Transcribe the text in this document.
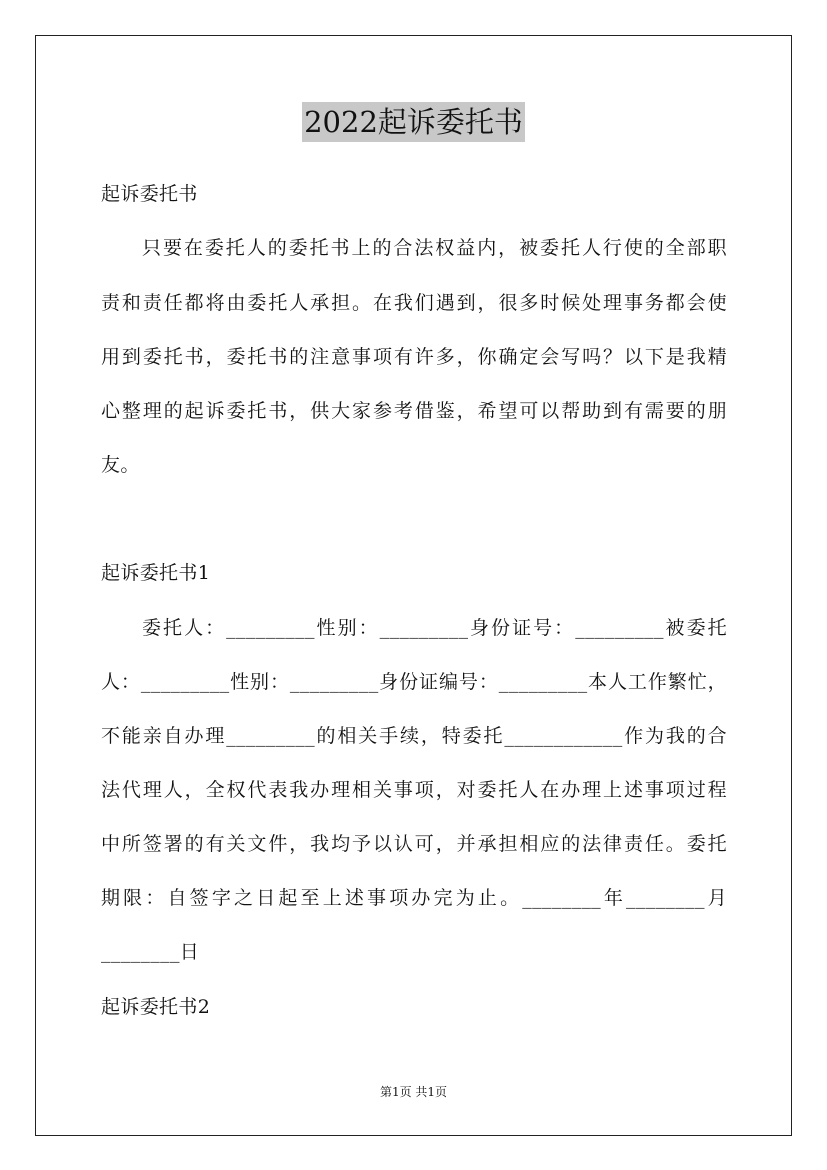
2022起诉委托书
起诉委托书
只要在委托人的委托书上的合法权益内，被委托人行使的全部职
责和责任都将由委托人承担。在我们遇到，很多时候处理事务都会使
用到委托书，委托书的注意事项有许多，你确定会写吗？以下是我精
心整理的起诉委托书，供大家参考借鉴，希望可以帮助到有需要的朋
友。
起诉委托书1
委托人：_________性别：_________身份证号：_________被委托
人：_________性别：_________身份证编号：_________本人工作繁忙，
不能亲自办理_________的相关手续，特委托____________作为我的合
法代理人，全权代表我办理相关事项，对委托人在办理上述事项过程
中所签署的有关文件，我均予以认可，并承担相应的法律责任。委托
期限：自签字之日起至上述事项办完为止。________年________月
________日
起诉委托书2
第1页 共1页
